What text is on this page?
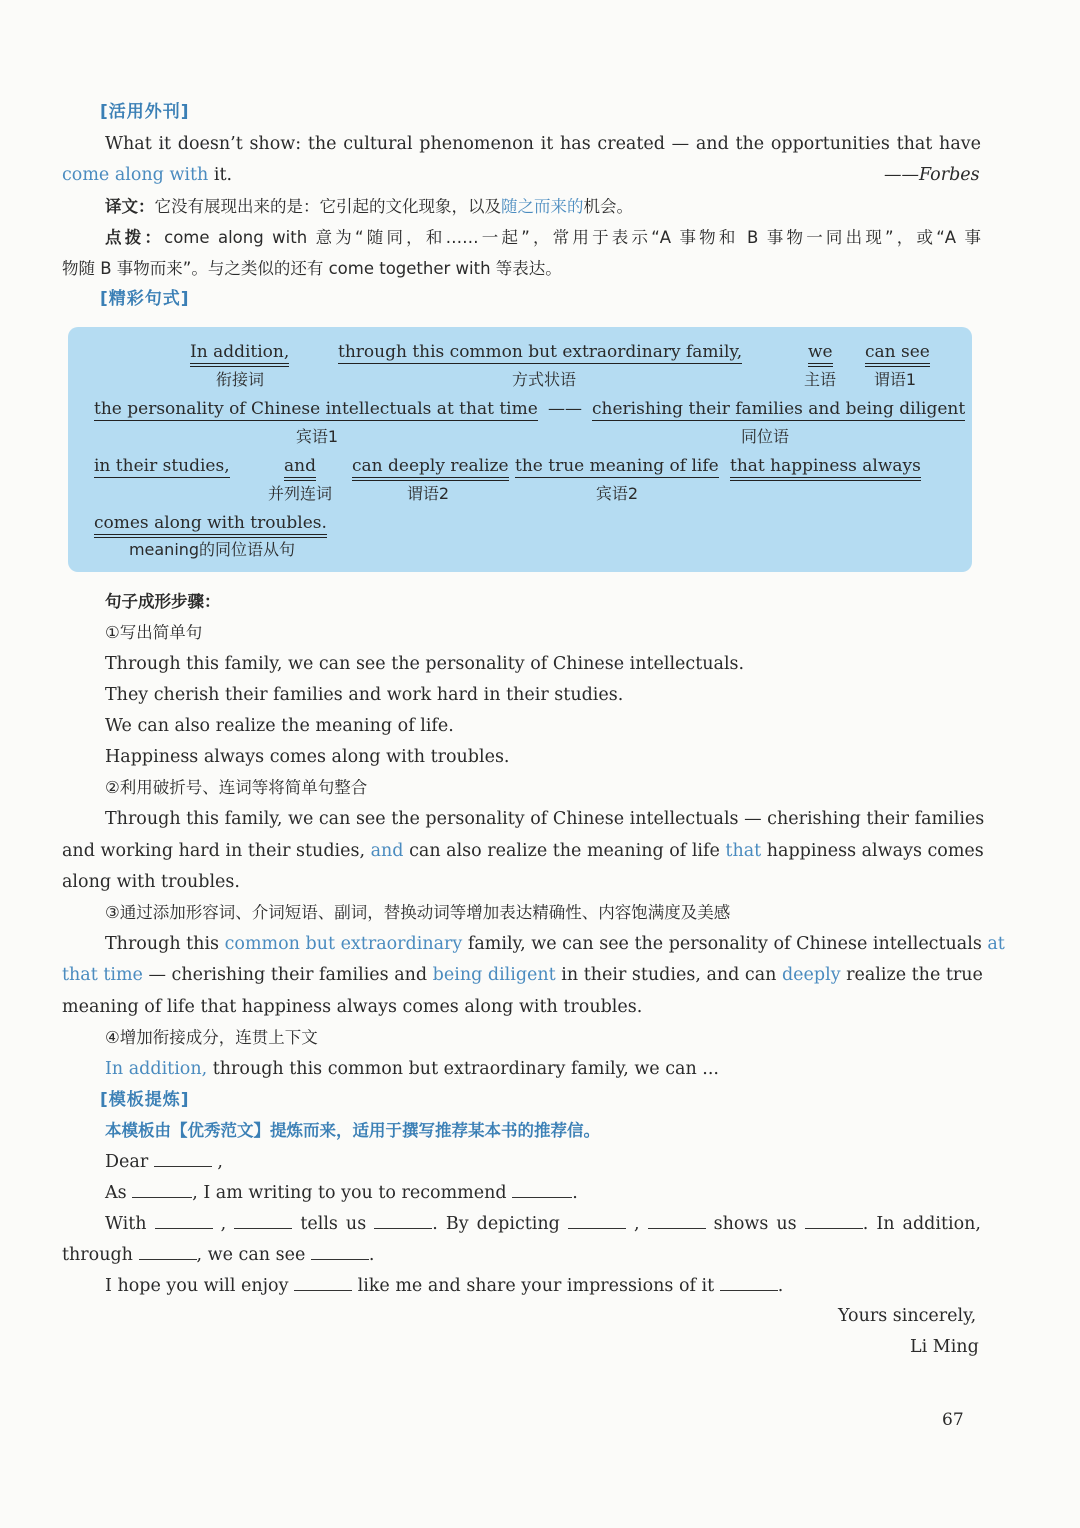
[活用外刊]
What it doesn’t show: the cultural phenomenon it has created — and the opportunities that have
come along with it.	——Forbes
译文：它没有展现出来的是：它引起的文化现象，以及随之而来的机会。
点拨：come along with 意为“随同，和……一起”，常用于表示“A 事物和 B 事物一同出现”，或“A 事
物随 B 事物而来”。与之类似的还有 come together with 等表达。
[精彩句式]
In addition,
衔接词
through this common but extraordinary family,
方式状语
we
主语
can see
谓语1
the personality of Chinese intellectuals at that time
宾语1
—— cherishing their families and being diligent
同位语
in their studies,	and
并列连词
can deeply realize
谓语2
the true meaning of life
宾语2
that happiness always
comes along with troubles.
meaning的同位语从句
句子成形步骤：
①写出简单句
Through this family, we can see the personality of Chinese intellectuals.
They cherish their families and work hard in their studies.
We can also realize the meaning of life.
Happiness always comes along with troubles.
②利用破折号、连词等将简单句整合
Through this family, we can see the personality of Chinese intellectuals — cherishing their families
and working hard in their studies, and can also realize the meaning of life that happiness always comes
along with troubles.
③通过添加形容词、介词短语、副词，替换动词等增加表达精确性、内容饱满度及美感
Through this common but extraordinary family, we can see the personality of Chinese intellectuals at
that time — cherishing their families and being diligent in their studies, and can deeply realize the true
meaning of life that happiness always comes along with troubles.
④增加衔接成分，连贯上下文
In addition, through this common but extraordinary family, we can ...
[模板提炼]
本模板由【优秀范文】提炼而来，适用于撰写推荐某本书的推荐信。
Dear	,
As	, I am writing to you to recommend	.
With	,	tells us	. By depicting	,	shows us	. In addition,
through	, we can see	.
I hope you will enjoy	like me and share your impressions of it	.
Yours sincerely,
Li Ming
67
